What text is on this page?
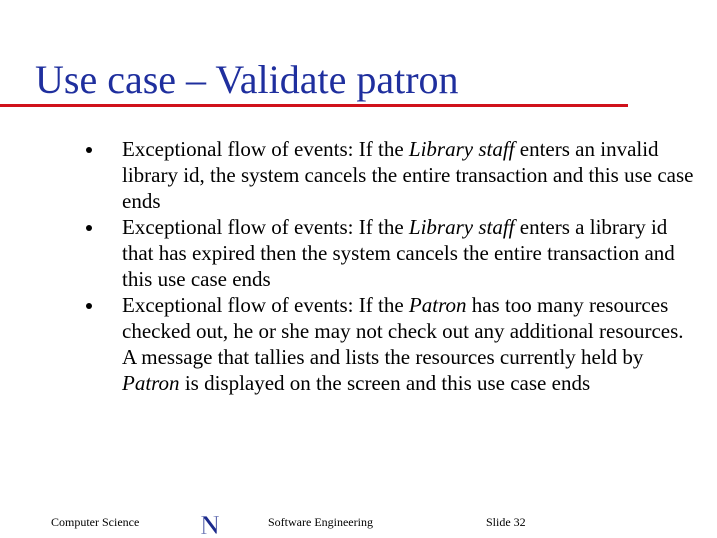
Use case – Validate patron
Exceptional flow of events: If the Library staff enters an invalid library id, the system cancels the entire transaction and this use case ends
Exceptional flow of events: If the Library staff enters a library id that has expired then the system cancels the entire transaction and this use case ends
Exceptional flow of events: If the Patron has too many resources checked out, he or she may not check out any additional resources. A message that tallies and lists the resources currently held by Patron is displayed on the screen and this use case ends
Computer Science N	Software Engineering	Slide 32
